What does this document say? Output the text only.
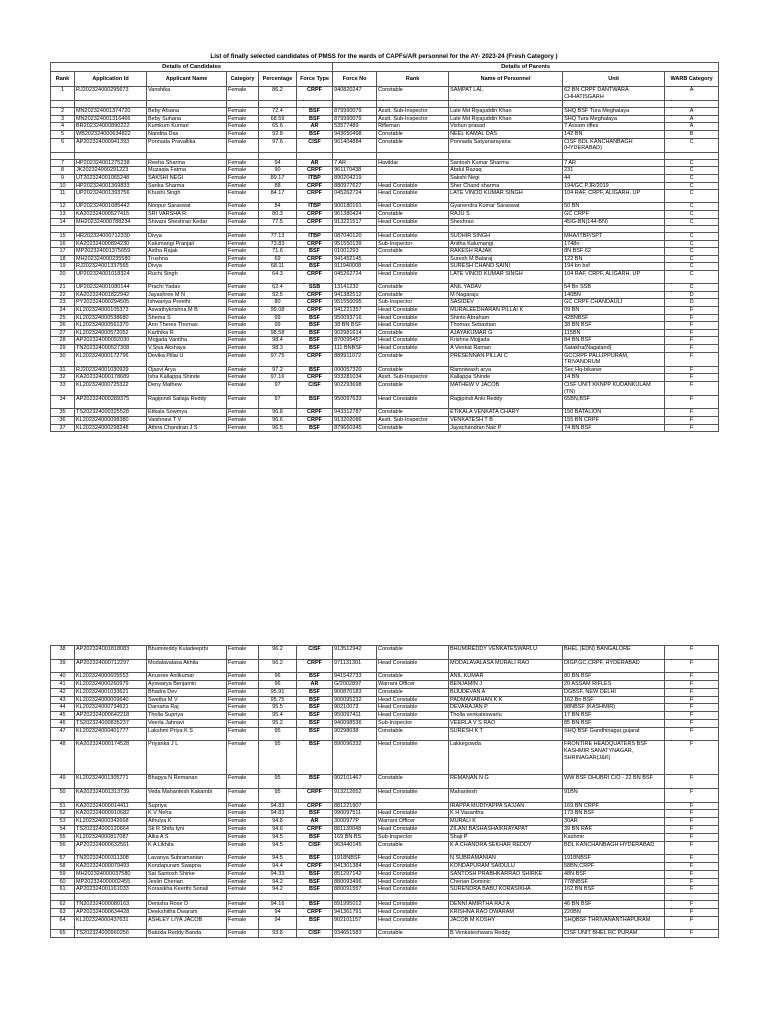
List of finally selected candidates of PMSS for the wards of CAPFs/AR personnel for the AY- 2023-24 (Fresh Category )
Details of Candidates						Details of Parents				
Rank	Application Id	Applicant Name	Category	Percentage	Force Type	Force No	Rank	Name of Personnel	Unit	WARB Category
1	RJ202324000295673	Vanshika	Female	86.2	CRPF	940820247	Constable	SAMPAT LAL	62 BN CRPF DANTWARA CHHATISGARH	A

2	MN202324001374720	Beby Afsana	Female	72.4	BSF	879990079	Asstt. Sub-Inspector	Late Md Riyajuddin Khan	SHQ BSF Tura Meghalaya	A
3	MN202324001316466	Beby Suhana	Female	68.59	BSF	879990079	Asstt. Sub-Inspector	Late Md Riyajuddin Khan	SHQ Tura Meghalaya	A
4	BR202324000890222	Kumkum Kumari	Female	65.6	AR	53577489	Rifleman	Vishun prasad	7 Assam rifles	A
5	WB202324000634822	Nandita Das	Female	92.8	BSF	943650498	Constable	NEEL KAMAL DAS	142 BN	B
6	AP202324000941393	Ponnada Pravallika	Female	97.6	CISF	961404884	Constable	Ponnada Satyanarayana	CISF BDL KANCHANBAGH (HYDERABAD)	C

7	HP202324001275238	Reeha Sharma	Female	94	AR	7 AR	Havildar	Santosh Kumar Sharma	7 AR	C
8	JK202324000291223	Muzaqia Fatma	Female	90	CRPF	961170438		Abdul Razaq	231	C
9	UT202324001065248	SAKSHI NEGI	Female	89.17	ITBP	890204219		Sakshi Negi	44	C
10	HP202324001369833	Sarika Sharma	Female	88	CRPF	880977627	Head Constable	Sher Chand sharma	194/GC PJR/2019	C
11	UP202324001393756	Khushi Singh	Female	84.17	CRPF	045262724	Head Constable	LATE VINOD KUMAR SINGH	104 RAF, CRPF, ALIGARH, UP	C
12	UP202324001085442	Noopur Saraswat	Female	84	ITBP	900180161	Head Constable	Gyanendra Kumar Saraswat	50 BN	C
13	KA202324000527415	SRI VARSHA R	Female	80.3	CRPF	961380424	Constable	RAJU S	GC CRPF	C
14	MH202324000788234	Shivani Sheshrao Kedar	Female	77.5	CRPF	913221517	Head Constable	Sheshrao	45IG-BN(144-BN)	C

15	HR202324000712330	Divya	Female	77.13	ITBP	087040120	Head Constable	SUDHIR SINGH	MHA/ITBP/SPT	C
16	KA202324000894230	Kalumangi Pranjali	Female	73.83	CRPF	951550139	Sub-Inspector	Anitha Kalumangi	1748n	C
17	MP202324001375659	Astha Rajak	Female	71.6	BSF	01001293	Constable	RAKESH RAJAK	8N BSF 62	C
18	MH202324000235580	Trushna	Female	69	CRPF	941452145		Suresh M Balaraj	122 BN	C
19	RJ202324001337565	Divya	Female	68.11	BSF	911940008	Head Constable	SURESH CHAND SAINI	194 bn bsf	C
20	UP202324001018324	Ruchi Singh	Female	64.3	CRPF	045262724	Head Constable	LATE VINOD KUMAR SINGH	104 RAF, CRPF, ALIGARH, UP	C
21	UP202324001080144	Prachi Yadav	Female	62.4	SSB	13141232	Constable	ANIL YADAV	54 Bn SSB	C
22	KA202324001822942	Jayashree M N	Female	92.5	CRPF	941382512	Constable	M Nagaraju	140BN	D
23	PY202324000294505	Ishwariya Preethi	Female	80	CRPF	951550095	Sub-Inspector	SASIDEV	GC CRPF CHANDAULI	D
24	KL202324000105373	Aswathykrishna M B	Female	99.08	CRPF	941221357	Head Constable	MURALEEDHARAN PILLAI K	09 BN	F
25	KL202324000538680	Shema S	Female	99	BSF	950093716	Head Constable	Shinto Abraham	42BNBSF	F
26	KL202324000561370	Ann Theres Thomas	Female	99	BSF	38 BN BSF	Head Constable	Thomas Sebastian	38 BN BSF	F
27	KL202324000572052	Karthika R	Female	98.58	BSF	902981614	Constable	AJAYAKUMAR G	115BN	F
28	AP202324000092030	Mojjada Vanitha	Female	98.4	BSF	870095457	Head Constable	Krishna Mojjada	84 BN BSF	F
29	TN202324000527308	V.Siva Akshaya	Female	98.3	BSF	111 BNBSF	Head Constable	A Venkat Raman	Satakha(Nagaland)	F
30	KL202324000172796	Devika Pillai U	Female	97.75	CRPF	889911072	Constable	PRESENNAN PILLAI C	GCCRPF PALLIPPURAM, TRIVANDRUM	F
31	RJ202324001030929	Ojasvi Arya	Female	97.2	BSF	000057320	Constable	Ramniwash arya	Sec Hq-bikaner	F
32	KA202324000178689	Isha Kallappa Shinde	Female	97.16	CRPF	933281034	Asstt. Sub-Inspector	Kallappa Shinde	14 BN	F
33	KL202324000725322	Deny Mathew	Female	97	CISF	902293698	Constable	MATHEW V JACOB	CISF UNIT KKNPP KUDANKULAM (TN)	F
34	AP202324000289375	Ragipindi Sailaja Reddy	Female	97	BSF	950097633	Head Constable	Ragipindi Anki Reddy	65BN,BSF	F
35	TS202324000325528	Etikala Sowmya	Female	96.8	CRPF	943312787	Constable	ETIKALA VENKATA CHARY	150 BATALION	F
36	KL202324000098380	Vaishnavi T V	Female	96.6	CRPF	913202086	Asstt. Sub-Inspector	VENKATESH T B	155 BN CRPF	F
37	KL202324000298248	Athira Chandran J S	Female	96.5	BSF	879660345	Constable	Jayachandran Nair P	74 BN BSF	F
38	AP202324001818083	Bhumireddy Kuladeepthi	Female	96.2	CISF	913512942	Constable	BHUMIREDDY VENKATESWARLU	BHEL (EDN) BANGALORE	F
39	AP202324000712297	Modalavalasa Akhila	Female	96.2	CRPF	971131301	Head Constable	MODALAVALASA MURALI RAO	DIGP,GC,CRPF, HYDERABAD	F
40	KL202324000605553	Anusree Anilkumar	Female	96	BSF	941542733	Constable	ANIL KUMAR	80 BN BSF	F
41	KL202324000260979	Ayswarya Benjamin	Female	96	AR	G/2002897	Warrant Officer	BENJAMIN J	20 ASSAM RIFLES	F
42	KL202324001033621	Bhadra Dev	Female	95.91	BSF	900870183	Constable	BIJUDEVAN A	DGBSF, NEW DELHI	F
43	KL202324000009640	Swetha M V	Female	95.75	BSF	900095232	Head Constable	PADMANABHAN K K	162 Bn BSF	F
44	KL202324000734621	Darsana Raj	Female	95.5	BSF	90210073	Head Constable	DEVARAJAN P	98NBSF (KASHMIR)	F
45	AP202324000642218	Tholla Supriya	Female	95.4	BSF	950097411	Head Constable	Tholla venkateswarlu	17 BN BSF	F
46	TS202324000835237	Veerla Jahnavi	Female	95.2	BSF	940098536	Sub-Inspector	VEERLA V S RAO	85 BN BSF	F
47	KL202324000401777	Lakshmi Priya K S	Female	95	BSF	90298038	Constable	SURESH K T	SHQ BSF Gandhinagar,gujarat	F
48	KA202324000174528	Priyanka J L	Female	95	BSF	890096332	Head Constable	Lakkegowda	FRONTIRE HEADQUATERS BSF KASHMIR SANATYNAGAR, SHRINAGAR(J&K)	F
49	KL202324001305771	Bhagya N Remanan	Female	95	BSF	902101467	Constable	REMANAN N G	WW BSF DHUBRI C/O - 22 BN BSF	F
50	KA202324001313739	Veda Mahantesh Kakambi	Female	95	CRPF	913212652	Head Constable	Mahantesh	91BN	F
51	KA202324000014411	Supriya	Female	94.83	CRPF	881221907		IRAPPA MUDIYAPPA SAJJAN	169.BN CRPF	F
52	KA202324000910682	K V Neha	Female	94.83	BSF	990097511	Head Constable	K H Vasantha	173 BN BSF	F
53	KL202324000342668	Athulya K	Female	94.8	AR	3000977P	Warrant Officer	MURALI K	30AR	F
54	TS202324000120664	Sk R Shifa Iyni	Female	94.6	CRPF	881130048	Head Constable	ZILANI BASHASHAIKRAYAPAT	39 BN RAF	F
55	KL202324000817087	Alka A S	Female	94.5	BSF	169 BN BS	Sub-Inspector	Shaji P	Kashmir	F
56	AP202324000632561	K A Likhita	Female	94.5	CISF	963440145	Constable	K A CHANDRA SEKHAR REDDY	BDL KANCHANBAGH HYDERABAD	F
57	TN202324000311308	Lavanya Subramanian	Female	94.5	BSF	1918NBSF	Head Constable	N SUBRAMANIAN	1918NBSF	F
58	KA202324000079493	Kondapuram Swapna	Female	94.4	CRPF	941301384	Head Constable	KONDAPURAM SAIDULU	58BN,CRPF	F
59	MH202324000037580	Sai Santosh Shirke	Female	94.33	BSF	851297142	Head Constable	SANTOSH PRABHKARRAO SHIRKE	48N BSF	F
60	MP202324000002455	Jeslin Cherian	Female	94.2	BSF	880093496	Head Constable	Cherian Dominic	778NBSF	F
61	AP202324001161033	Korasikha Keerthi Sonali	Female	94.2	BSF	880091557	Head Constable	SURENDRA BABU KORASIKHA	162 BN BSF	F

62	TN202324000080163	Denisha Rose D	Female	94.16	BSF	891995012	Head Constable	DENNI AMIRTHA RAJ A	46 BN BSF	F
63	AP202324000634428	Deekshitha Dwaram	Female	94	CRPF	941361791	Head Constable	KRISHNA RAO DWARAM	220BN	F
64	KL202324000437631	ASHLEY LIYA JACOB	Female	94	BSF	902101157	Head Constable	JACOB M KOSHY	SHQBSF THRIVANANTHAPURAM	F
65	TS202324000960256	Batukla Reddy Banda	Female	93.8	CISF	934651583	Constable	B Venkateshwara Reddy	CISF UNIT BHEL RC PURAM	F
